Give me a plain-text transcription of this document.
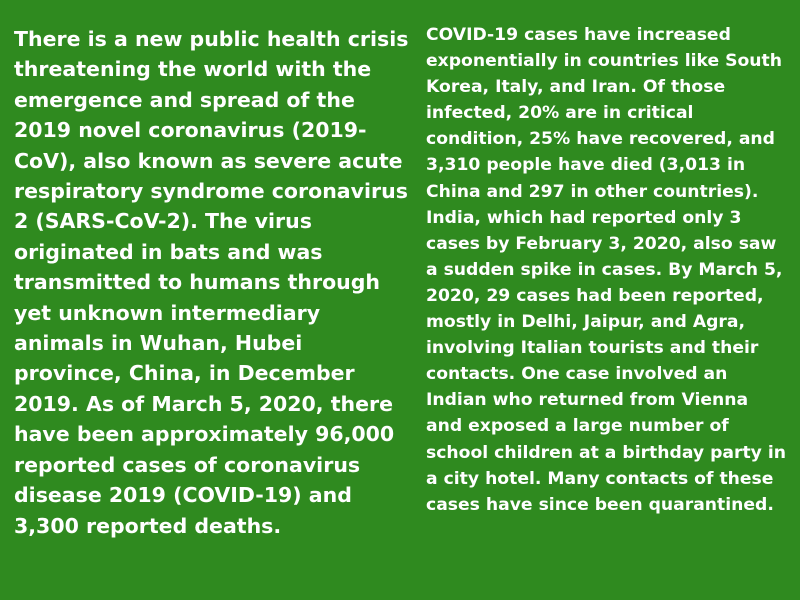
There is a new public health crisis threatening the world with the emergence and spread of the 2019 novel coronavirus (2019-CoV), also known as severe acute respiratory syndrome coronavirus 2 (SARS-CoV-2). The virus originated in bats and was transmitted to humans through yet unknown intermediary animals in Wuhan, Hubei province, China, in December 2019. As of March 5, 2020, there have been approximately 96,000 reported cases of coronavirus disease 2019 (COVID-19) and 3,300 reported deaths.

COVID-19 cases have increased exponentially in countries like South Korea, Italy, and Iran. Of those infected, 20% are in critical condition, 25% have recovered, and 3,310 people have died (3,013 in China and 297 in other countries). India, which had reported only 3 cases by February 3, 2020, also saw a sudden spike in cases. By March 5, 2020, 29 cases had been reported, mostly in Delhi, Jaipur, and Agra, involving Italian tourists and their contacts. One case involved an Indian who returned from Vienna and exposed a large number of school children at a birthday party in a city hotel. Many contacts of these cases have since been quarantined.
